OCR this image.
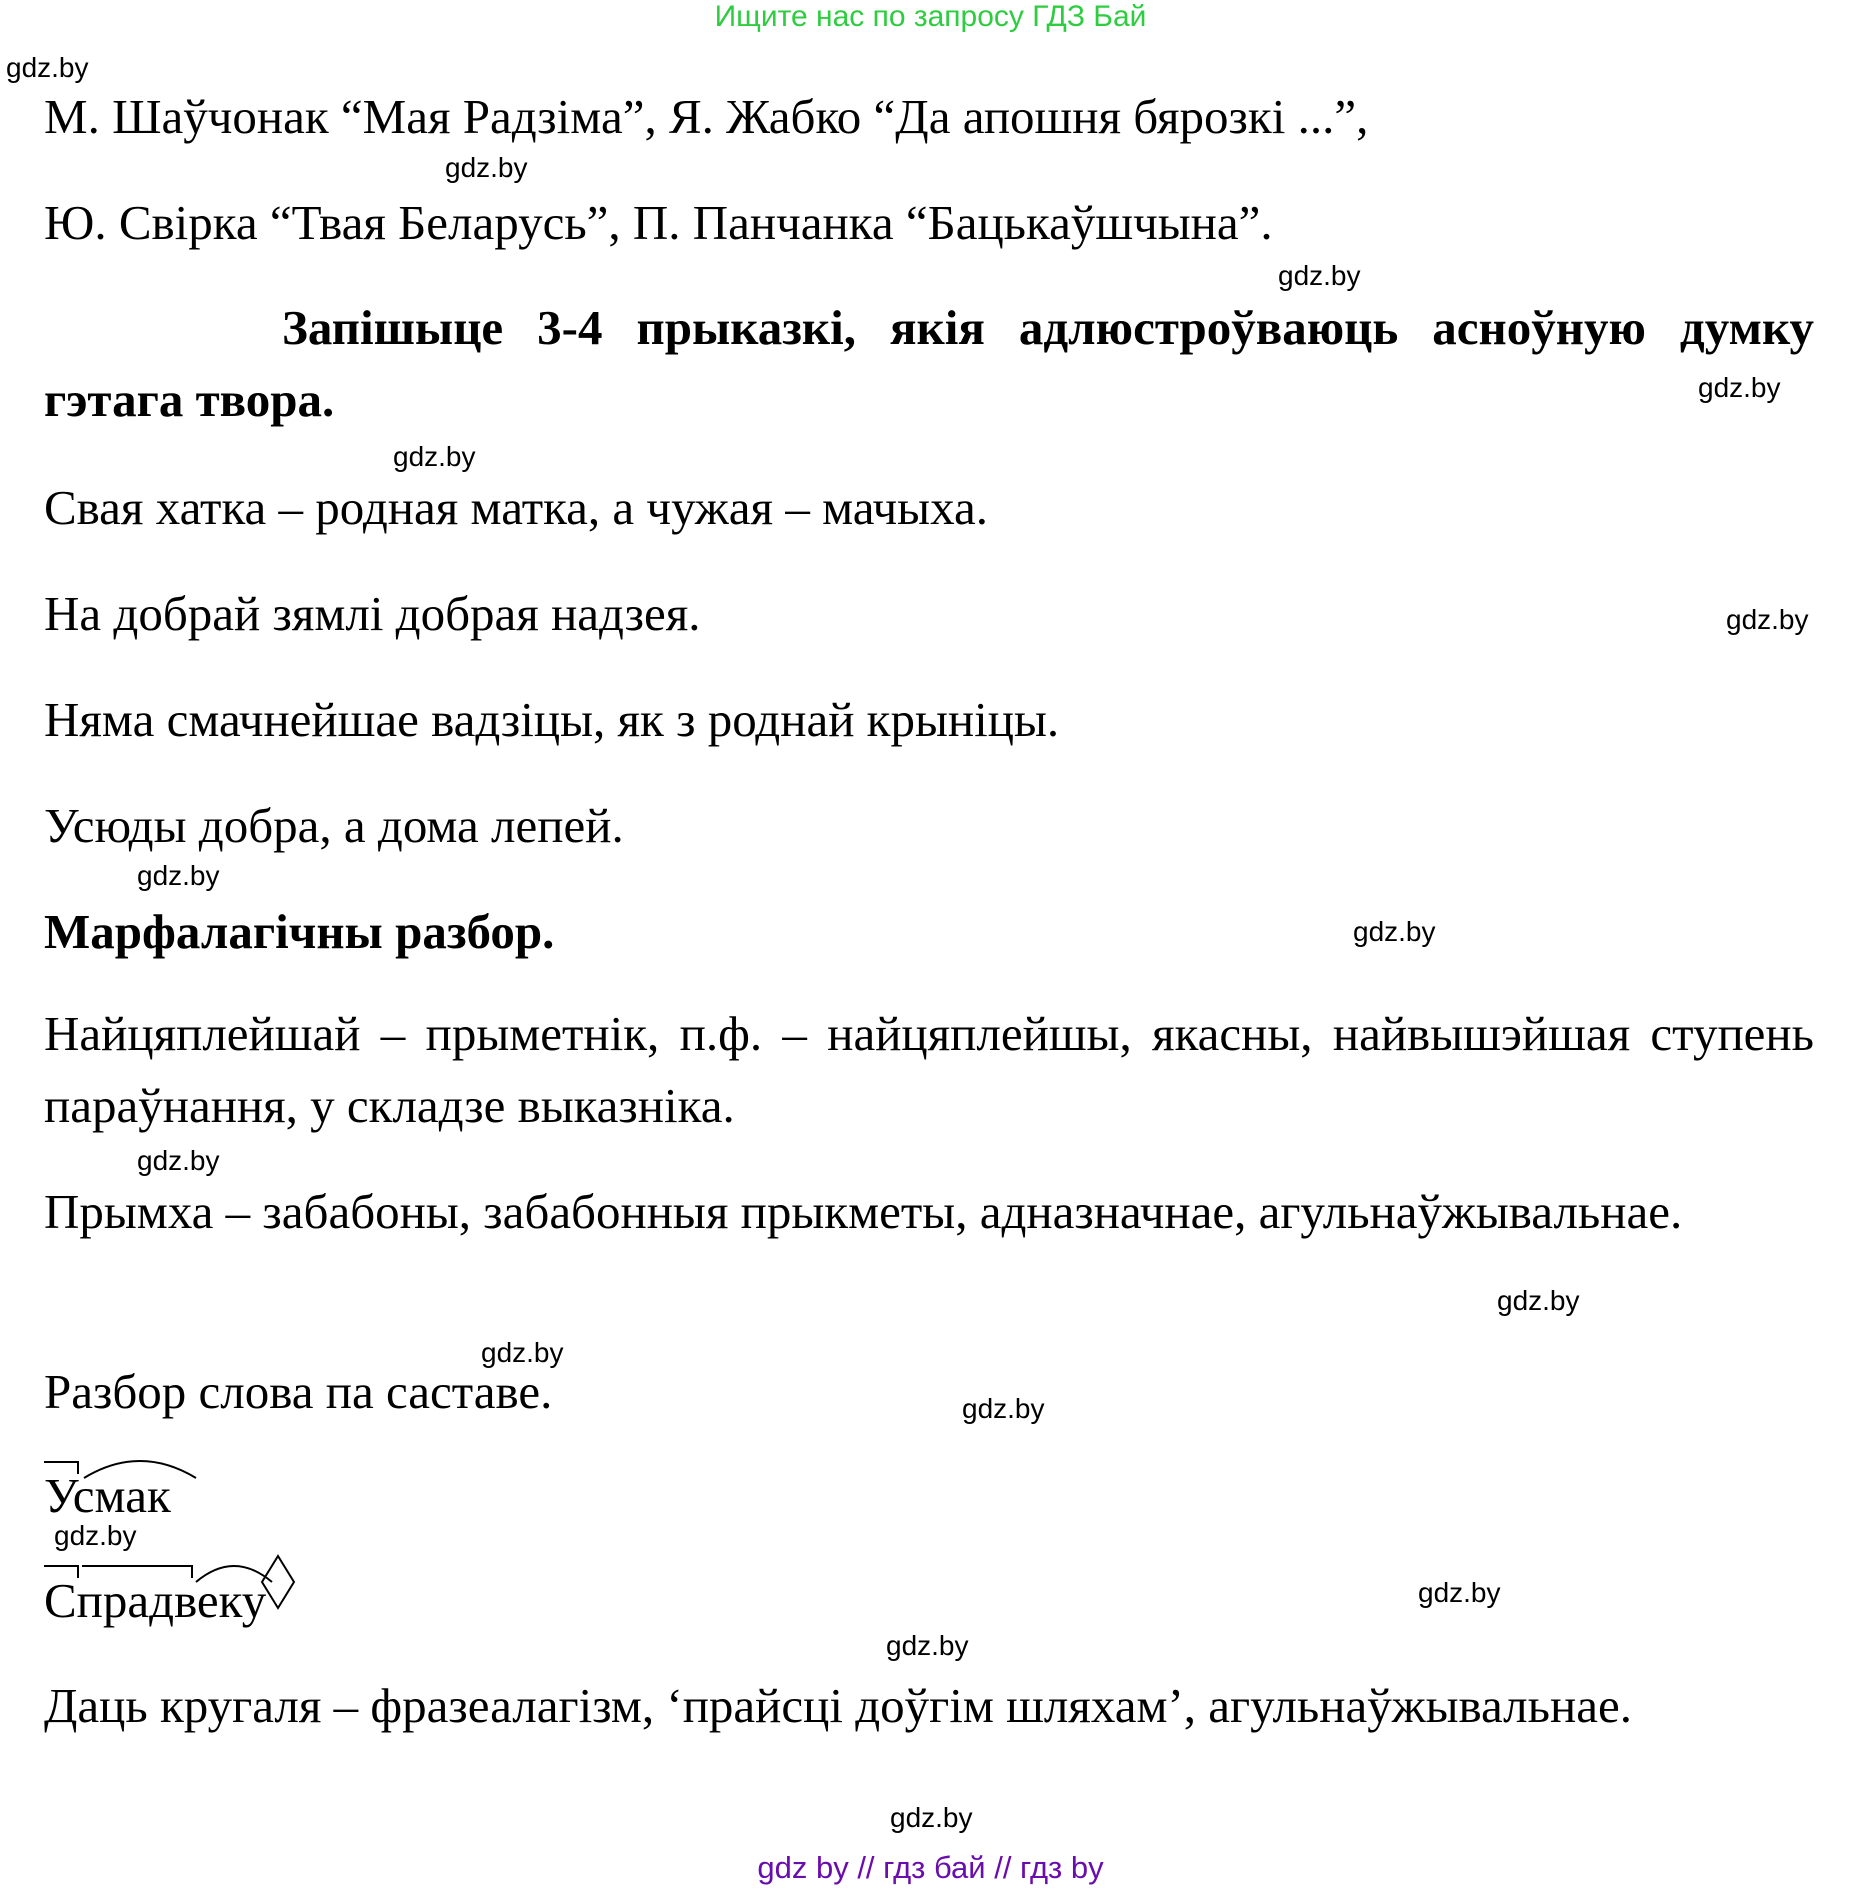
Ищите нас по запросу ГДЗ Бай
gdz.by
gdz.by
gdz.by
gdz.by
gdz.by
gdz.by
gdz.by
gdz.by
gdz.by
gdz.by
gdz.by
gdz.by
gdz.by
gdz.by
gdz.by
gdz.by
М. Шаўчонак “Мая Радзіма”, Я. Жабко “Да апошня бярозкі ...”,
Ю. Свірка “Твая Беларусь”, П. Панчанка “Бацькаўшчына”.
Запішыце 3-4 прыказкі, якія адлюстроўваюць асноўную думку гэтага твора.
Свая хатка – родная матка, а чужая – мачыха.
На добрай зямлі добрая надзея.
Няма смачнейшае вадзіцы, як з роднай крыніцы.
Усюды добра, а дома лепей.
Марфалагічны разбор.
Найцяплейшай – прыметнік, п.ф. – найцяплейшы, якасны, найвышэйшая ступень параўнання, у складзе выказніка.
Прымха – забабоны, забабонныя прыкметы, адназначнае, агульнаўжывальнае.
Разбор слова па саставе.
Усмак
Спрадвеку
Даць кругаля – фразеалагізм, ‘прайсці доўгім шляхам’, агульнаўжывальнае.
gdz by // гдз бай // гдз by
